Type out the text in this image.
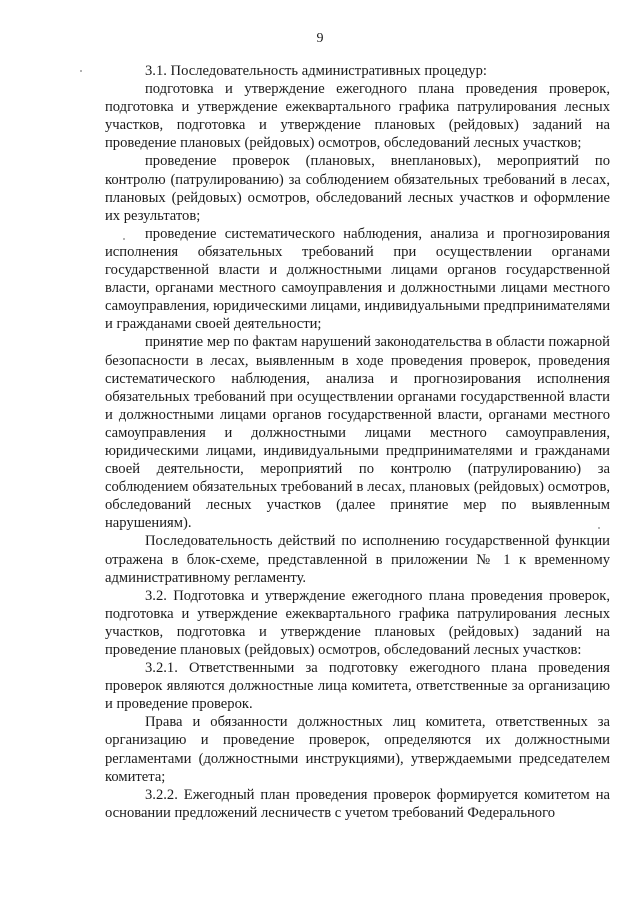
9

3.1. Последовательность административных процедур:

подготовка и утверждение ежегодного плана проведения проверок, подготовка и утверждение ежеквартального графика патрулирования лесных участков, подготовка и утверждение плановых (рейдовых) заданий на проведение плановых (рейдовых) осмотров, обследований лесных участков;

проведение проверок (плановых, внеплановых), мероприятий по контролю (патрулированию) за соблюдением обязательных требований в лесах, плановых (рейдовых) осмотров, обследований лесных участков и оформление их результатов;

проведение систематического наблюдения, анализа и прогнозирования исполнения обязательных требований при осуществлении органами государственной власти и должностными лицами органов государственной власти, органами местного самоуправления и должностными лицами местного самоуправления, юридическими лицами, индивидуальными предпринимателями и гражданами своей деятельности;

принятие мер по фактам нарушений законодательства в области пожарной безопасности в лесах, выявленным в ходе проведения проверок, проведения систематического наблюдения, анализа и прогнозирования исполнения обязательных требований при осуществлении органами государственной власти и должностными лицами органов государственной власти, органами местного самоуправления и должностными лицами местного самоуправления, юридическими лицами, индивидуальными предпринимателями и гражданами своей деятельности, мероприятий по контролю (патрулированию) за соблюдением обязательных требований в лесах, плановых (рейдовых) осмотров, обследований лесных участков (далее принятие мер по выявленным нарушениям).

Последовательность действий по исполнению государственной функции отражена в блок-схеме, представленной в приложении № 1 к временному административному регламенту.

3.2. Подготовка и утверждение ежегодного плана проведения проверок, подготовка и утверждение ежеквартального графика патрулирования лесных участков, подготовка и утверждение плановых (рейдовых) заданий на проведение плановых (рейдовых) осмотров, обследований лесных участков:

3.2.1. Ответственными за подготовку ежегодного плана проведения проверок являются должностные лица комитета, ответственные за организацию и проведение проверок.

Права и обязанности должностных лиц комитета, ответственных за организацию и проведение проверок, определяются их должностными регламентами (должностными инструкциями), утверждаемыми председателем комитета;

3.2.2. Ежегодный план проведения проверок формируется комитетом на основании предложений лесничеств с учетом требований Федерального
